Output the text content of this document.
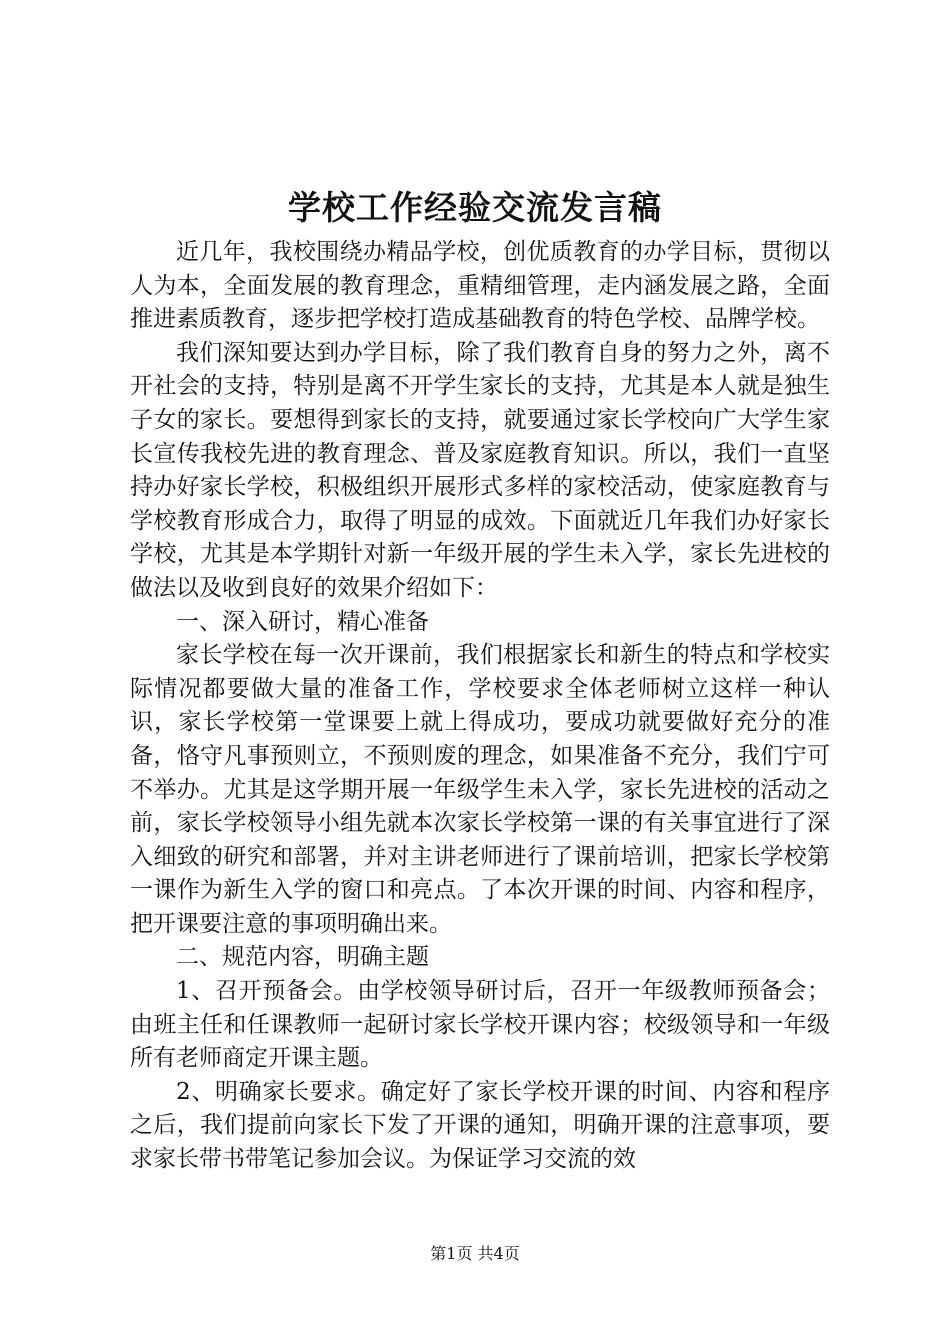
学校工作经验交流发言稿

近几年，我校围绕办精品学校，创优质教育的办学目标，贯彻以人为本，全面发展的教育理念，重精细管理，走内涵发展之路，全面推进素质教育，逐步把学校打造成基础教育的特色学校、品牌学校。

我们深知要达到办学目标，除了我们教育自身的努力之外，离不开社会的支持，特别是离不开学生家长的支持，尤其是本人就是独生子女的家长。要想得到家长的支持，就要通过家长学校向广大学生家长宣传我校先进的教育理念、普及家庭教育知识。所以，我们一直坚持办好家长学校，积极组织开展形式多样的家校活动，使家庭教育与学校教育形成合力，取得了明显的成效。下面就近几年我们办好家长学校，尤其是本学期针对新一年级开展的学生未入学，家长先进校的做法以及收到良好的效果介绍如下：

一、深入研讨，精心准备

家长学校在每一次开课前，我们根据家长和新生的特点和学校实际情况都要做大量的准备工作，学校要求全体老师树立这样一种认识，家长学校第一堂课要上就上得成功，要成功就要做好充分的准备，恪守凡事预则立，不预则废的理念，如果准备不充分，我们宁可不举办。尤其是这学期开展一年级学生未入学，家长先进校的活动之前，家长学校领导小组先就本次家长学校第一课的有关事宜进行了深入细致的研究和部署，并对主讲老师进行了课前培训，把家长学校第一课作为新生入学的窗口和亮点。了本次开课的时间、内容和程序，把开课要注意的事项明确出来。

二、规范内容，明确主题

1、召开预备会。由学校领导研讨后，召开一年级教师预备会；由班主任和任课教师一起研讨家长学校开课内容；校级领导和一年级所有老师商定开课主题。

2、明确家长要求。确定好了家长学校开课的时间、内容和程序之后，我们提前向家长下发了开课的通知，明确开课的注意事项，要求家长带书带笔记参加会议。为保证学习交流的效

第1页 共4页
